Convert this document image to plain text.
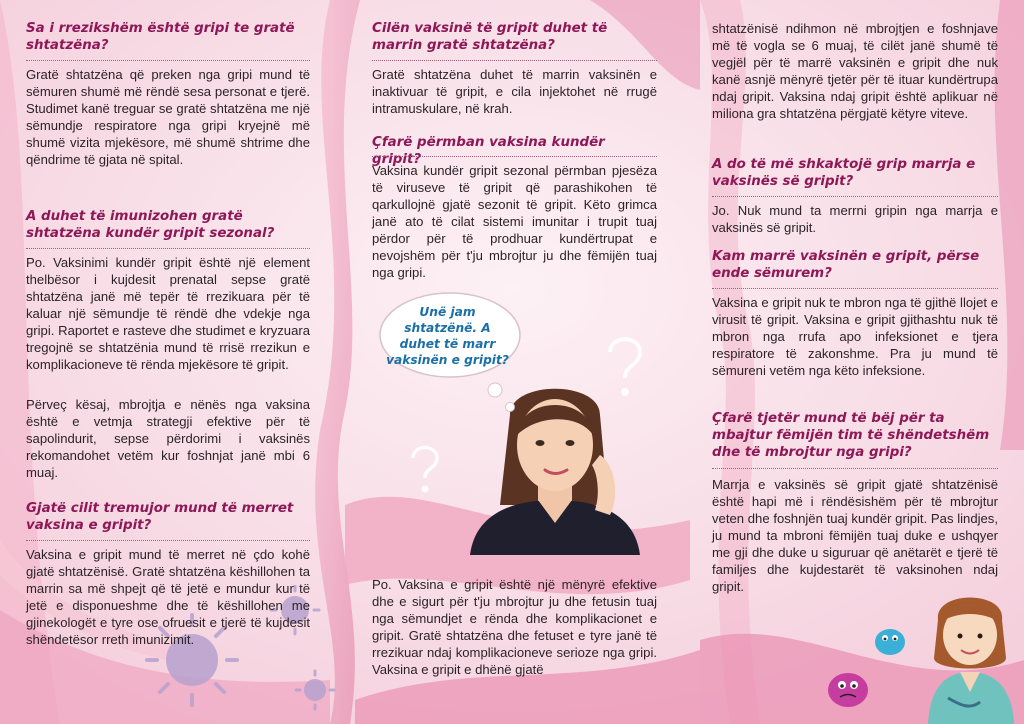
Sa i rrezikshëm është gripi te gratë shtatzëna?

Gratë shtatzëna që preken nga gripi mund të sëmuren shumë më rëndë sesa personat e tjerë. Studimet kanë treguar se gratë shtatzëna me një sëmundje respiratore nga gripi kryejnë më shumë vizita mjekësore, më shumë shtrime dhe qëndrime të gjata në spital.

A duhet të imunizohen gratë shtatzëna kundër gripit sezonal?

Po. Vaksinimi kundër gripit është një element thelbësor i kujdesit prenatal sepse gratë shtatzëna janë më tepër të rrezikuara për të kaluar një sëmundje të rëndë dhe vdekje nga gripi. Raportet e rasteve dhe studimet e kryzuara tregojnë se shtatzënia mund të rrisë rrezikun e komplikacioneve të rënda mjekësore të gripit.

Përveç kësaj, mbrojtja e nënës nga vaksina është e vetmja strategji efektive për të sapolindurit, sepse përdorimi i vaksinës rekomandohet vetëm kur foshnjat janë mbi 6 muaj.

Gjatë cilit tremujor mund të merret vaksina e gripit?

Vaksina e gripit mund të merret në çdo kohë gjatë shtatzënisë. Gratë shtatzëna këshillohen ta marrin sa më shpejt që të jetë e mundur kur të jetë e disponueshme dhe të këshillohen me gjinekologët e tyre ose ofruesit e tjerë të kujdesit shëndetësor rreth imunizimit.

Cilën vaksinë të gripit duhet të marrin gratë shtatzëna?

Gratë shtatzëna duhet të marrin vaksinën e inaktivuar të gripit, e cila injektohet në rrugë intramuskulare, në krah.

Çfarë përmban vaksina kundër gripit?

Vaksina kundër gripit sezonal përmban pjesëza të viruseve të gripit që parashikohen të qarkullojnë gjatë sezonit të gripit. Këto grimca janë ato të cilat sistemi imunitar i trupit tuaj përdor për të prodhuar kundërtrupat e nevojshëm për t'ju mbrojtur ju dhe fëmijën tuaj nga gripi.

Po. Vaksina e gripit është një mënyrë efektive dhe e sigurt për t'ju mbrojtur ju dhe fetusin tuaj nga sëmundjet e rënda dhe komplikacionet e gripit. Gratë shtatzëna dhe fetuset e tyre janë të rrezikuar ndaj komplikacioneve serioze nga gripi. Vaksina e gripit e dhënë gjatë

Unë jam shtatzënë. A duhet të marr vaksinën e gripit?

shtatzënisë ndihmon në mbrojtjen e foshnjave më të vogla se 6 muaj, të cilët janë shumë të vegjël për të marrë vaksinën e gripit dhe nuk kanë asnjë mënyrë tjetër për të ituar kundërtrupa ndaj gripit. Vaksina ndaj gripit është aplikuar në miliona gra shtatzëna përgjatë këtyre viteve.

A do të më shkaktojë grip marrja e vaksinës së gripit?

Jo. Nuk mund ta merrni gripin nga marrja e vaksinës së gripit.

Kam marrë vaksinën e gripit, përse ende sëmurem?

Vaksina e gripit nuk te mbron nga të gjithë llojet e virusit të gripit. Vaksina e gripit gjithashtu nuk të mbron nga rrufa apo infeksionet e tjera respiratore të zakonshme. Pra ju mund të sëmureni vetëm nga këto infeksione.

Çfarë tjetër mund të bëj për ta mbajtur fëmijën tim të shëndetshëm dhe të mbrojtur nga gripi?

Marrja e vaksinës së gripit gjatë shtatzënisë është hapi më i rëndësishëm për të mbrojtur veten dhe foshnjën tuaj kundër gripit. Pas lindjes, ju mund ta mbroni fëmijën tuaj duke e ushqyer me gji dhe duke u siguruar që anëtarët e tjerë të familjes dhe kujdestarët të vaksinohen ndaj gripit.
